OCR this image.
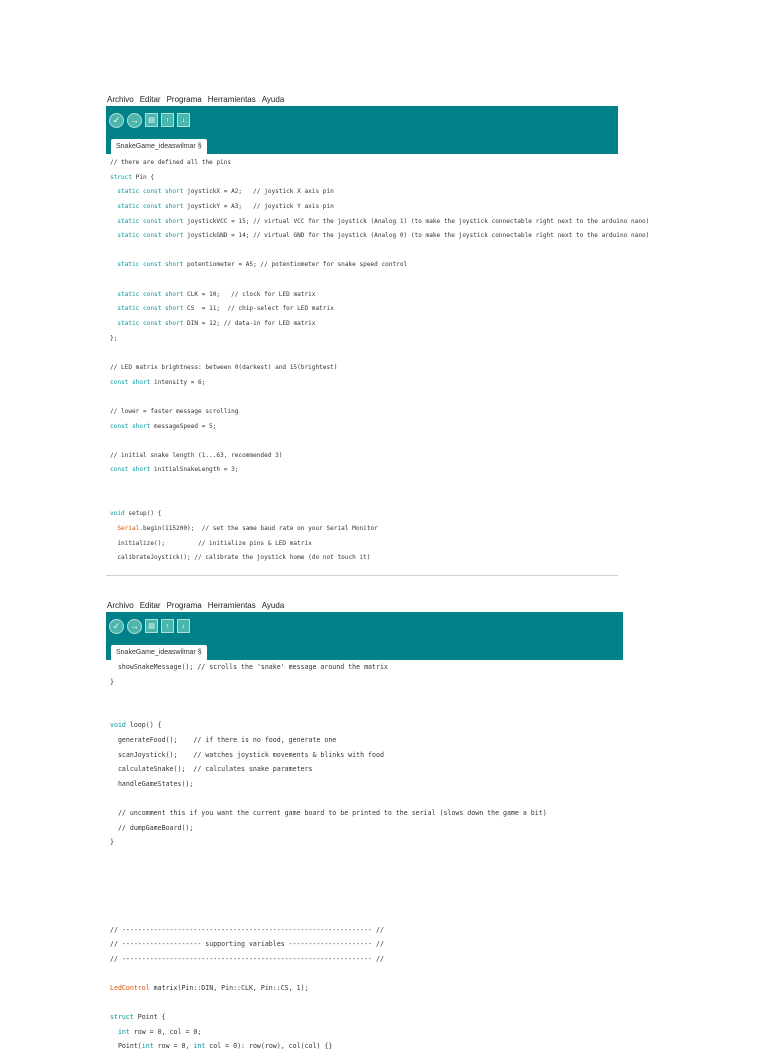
Archivo Editar Programa Herramientas Ayuda
✓	→	▤	↑	↓
SnakeGame_ideaswilmar §
// there are defined all the pins
struct Pin {
static const short joystickX = A2;   // joystick X axis pin
static const short joystickY = A3;   // joystick Y axis pin
static const short joystickVCC = 15; // virtual VCC for the joystick (Analog 1) (to make the joystick connectable right next to the arduino nano)
static const short joystickGND = 14; // virtual GND for the joystick (Analog 0) (to make the joystick connectable right next to the arduino nano)
static const short potentiometer = A5; // potentiometer for snake speed control
static const short CLK = 10;   // clock for LED matrix
static const short CS  = 11;  // chip-select for LED matrix
static const short DIN = 12; // data-in for LED matrix
};
// LED matrix brightness: between 0(darkest) and 15(brightest)
const short intensity = 6;
// lower = faster message scrolling
const short messageSpeed = 5;
// initial snake length (1...63, recommended 3)
const short initialSnakeLength = 3;
void setup() {
Serial.begin(115200);  // set the same baud rate on your Serial Monitor
initialize();         // initialize pins & LED matrix
calibrateJoystick(); // calibrate the joystick home (do not touch it)
Archivo Editar Programa Herramientas Ayuda
✓	→	▤	↑	↓
SnakeGame_ideaswilmar §
showSnakeMessage(); // scrolls the 'snake' message around the matrix
}
void loop() {
generateFood();    // if there is no food, generate one
scanJoystick();    // watches joystick movements & blinks with food
calculateSnake();  // calculates snake parameters
handleGameStates();
// uncomment this if you want the current game board to be printed to the serial (slows down the game a bit)
// dumpGameBoard();
}
// --------------------------------------------------------------- //
// -------------------- supporting variables --------------------- //
// --------------------------------------------------------------- //
LedControl matrix(Pin::DIN, Pin::CLK, Pin::CS, 1);
struct Point {
int row = 0, col = 0;
Point(int row = 0, int col = 0): row(row), col(col) {}
